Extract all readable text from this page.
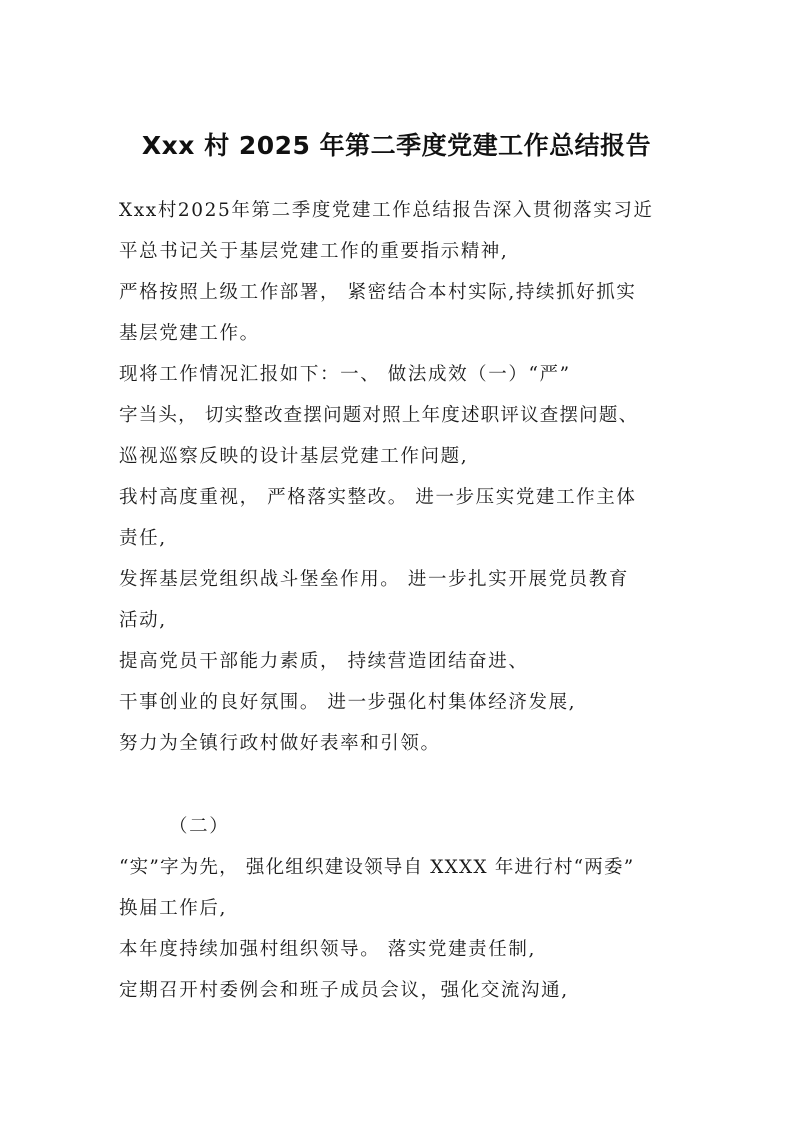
Xxx 村 2025 年第二季度党建工作总结报告
Xxx村2025年第二季度党建工作总结报告深入贯彻落实习近
平总书记关于基层党建工作的重要指示精神,
严格按照上级工作部署， 紧密结合本村实际,持续抓好抓实
基层党建工作。
现将工作情况汇报如下：一、 做法成效（一）“严”
字当头， 切实整改查摆问题对照上年度述职评议查摆问题、
巡视巡察反映的设计基层党建工作问题,
我村高度重视， 严格落实整改。 进一步压实党建工作主体
责任,
发挥基层党组织战斗堡垒作用。 进一步扎实开展党员教育
活动,
提高党员干部能力素质， 持续营造团结奋进、
干事创业的良好氛围。 进一步强化村集体经济发展,
努力为全镇行政村做好表率和引领。
（二）
“实”字为先， 强化组织建设领导自 XXXX 年进行村“两委”
换届工作后,
本年度持续加强村组织领导。 落实党建责任制,
定期召开村委例会和班子成员会议，强化交流沟通,
